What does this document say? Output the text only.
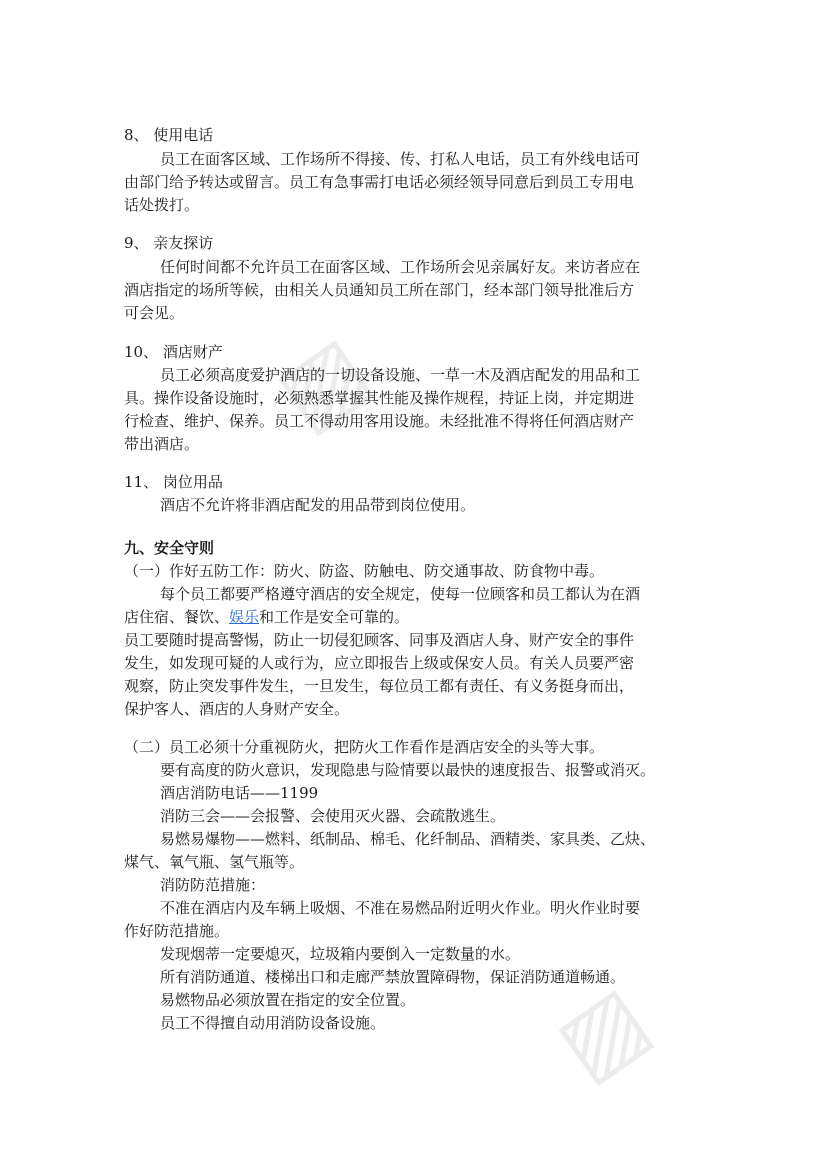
▨
▨
8、 使用电话
员工在面客区域、工作场所不得接、传、打私人电话，员工有外线电话可
由部门给予转达或留言。员工有急事需打电话必须经领导同意后到员工专用电
话处拨打。
9、 亲友探访
任何时间都不允许员工在面客区域、工作场所会见亲属好友。来访者应在
酒店指定的场所等候，由相关人员通知员工所在部门，经本部门领导批准后方
可会见。
10、 酒店财产
员工必须高度爱护酒店的一切设备设施、一草一木及酒店配发的用品和工
具。操作设备设施时，必须熟悉掌握其性能及操作规程，持证上岗，并定期进
行检查、维护、保养。员工不得动用客用设施。未经批准不得将任何酒店财产
带出酒店。
11、 岗位用品
酒店不允许将非酒店配发的用品带到岗位使用。
九、安全守则
（一）作好五防工作：防火、防盗、防触电、防交通事故、防食物中毒。
每个员工都要严格遵守酒店的安全规定，使每一位顾客和员工都认为在酒
店住宿、餐饮、娱乐和工作是安全可靠的。
员工要随时提高警惕，防止一切侵犯顾客、同事及酒店人身、财产安全的事件
发生，如发现可疑的人或行为，应立即报告上级或保安人员。有关人员要严密
观察，防止突发事件发生，一旦发生，每位员工都有责任、有义务挺身而出，
保护客人、酒店的人身财产安全。
（二）员工必须十分重视防火，把防火工作看作是酒店安全的头等大事。
要有高度的防火意识，发现隐患与险情要以最快的速度报告、报警或消灭。
酒店消防电话——1199
消防三会——会报警、会使用灭火器、会疏散逃生。
易燃易爆物——燃料、纸制品、棉毛、化纤制品、酒精类、家具类、乙炔、
煤气、氧气瓶、氢气瓶等。
消防防范措施：
不准在酒店内及车辆上吸烟、不准在易燃品附近明火作业。明火作业时要
作好防范措施。
发现烟蒂一定要熄灭，垃圾箱内要倒入一定数量的水。
所有消防通道、楼梯出口和走廊严禁放置障碍物，保证消防通道畅通。
易燃物品必须放置在指定的安全位置。
员工不得擅自动用消防设备设施。
